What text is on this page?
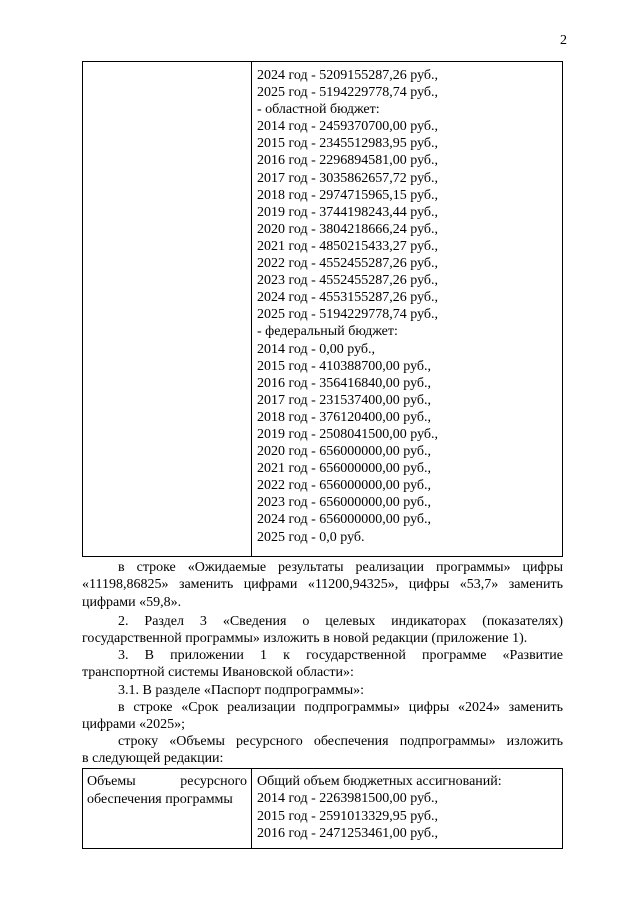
2
2024 год - 5209155287,26 руб.,
2025 год - 5194229778,74 руб.,
- областной бюджет:
2014 год - 2459370700,00 руб.,
2015 год - 2345512983,95 руб.,
2016 год - 2296894581,00 руб.,
2017 год - 3035862657,72 руб.,
2018 год - 2974715965,15 руб.,
2019 год - 3744198243,44 руб.,
2020 год - 3804218666,24 руб.,
2021 год - 4850215433,27 руб.,
2022 год - 4552455287,26 руб.,
2023 год - 4552455287,26 руб.,
2024 год - 4553155287,26 руб.,
2025 год - 5194229778,74 руб.,
- федеральный бюджет:
2014 год - 0,00 руб.,
2015 год - 410388700,00 руб.,
2016 год - 356416840,00 руб.,
2017 год - 231537400,00 руб.,
2018 год - 376120400,00 руб.,
2019 год - 2508041500,00 руб.,
2020 год - 656000000,00 руб.,
2021 год - 656000000,00 руб.,
2022 год - 656000000,00 руб.,
2023 год - 656000000,00 руб.,
2024 год - 656000000,00 руб.,
2025 год - 0,0 руб.
в строке «Ожидаемые результаты реализации программы» цифры
«11198,86825» заменить цифрами «11200,94325», цифры «53,7» заменить
цифрами «59,8».
2. Раздел 3 «Сведения о целевых индикаторах (показателях)
государственной программы» изложить в новой редакции (приложение 1).
3. В приложении 1 к государственной программе «Развитие
транспортной системы Ивановской области»:
3.1. В разделе «Паспорт подпрограммы»:
в строке «Срок реализации подпрограммы» цифры «2024» заменить
цифрами «2025»;
строку «Объемы ресурсного обеспечения подпрограммы» изложить
в следующей редакции:
Объемы ресурсного
обеспечения программы
Общий объем бюджетных ассигнований:
2014 год - 2263981500,00 руб.,
2015 год - 2591013329,95 руб.,
2016 год - 2471253461,00 руб.,
